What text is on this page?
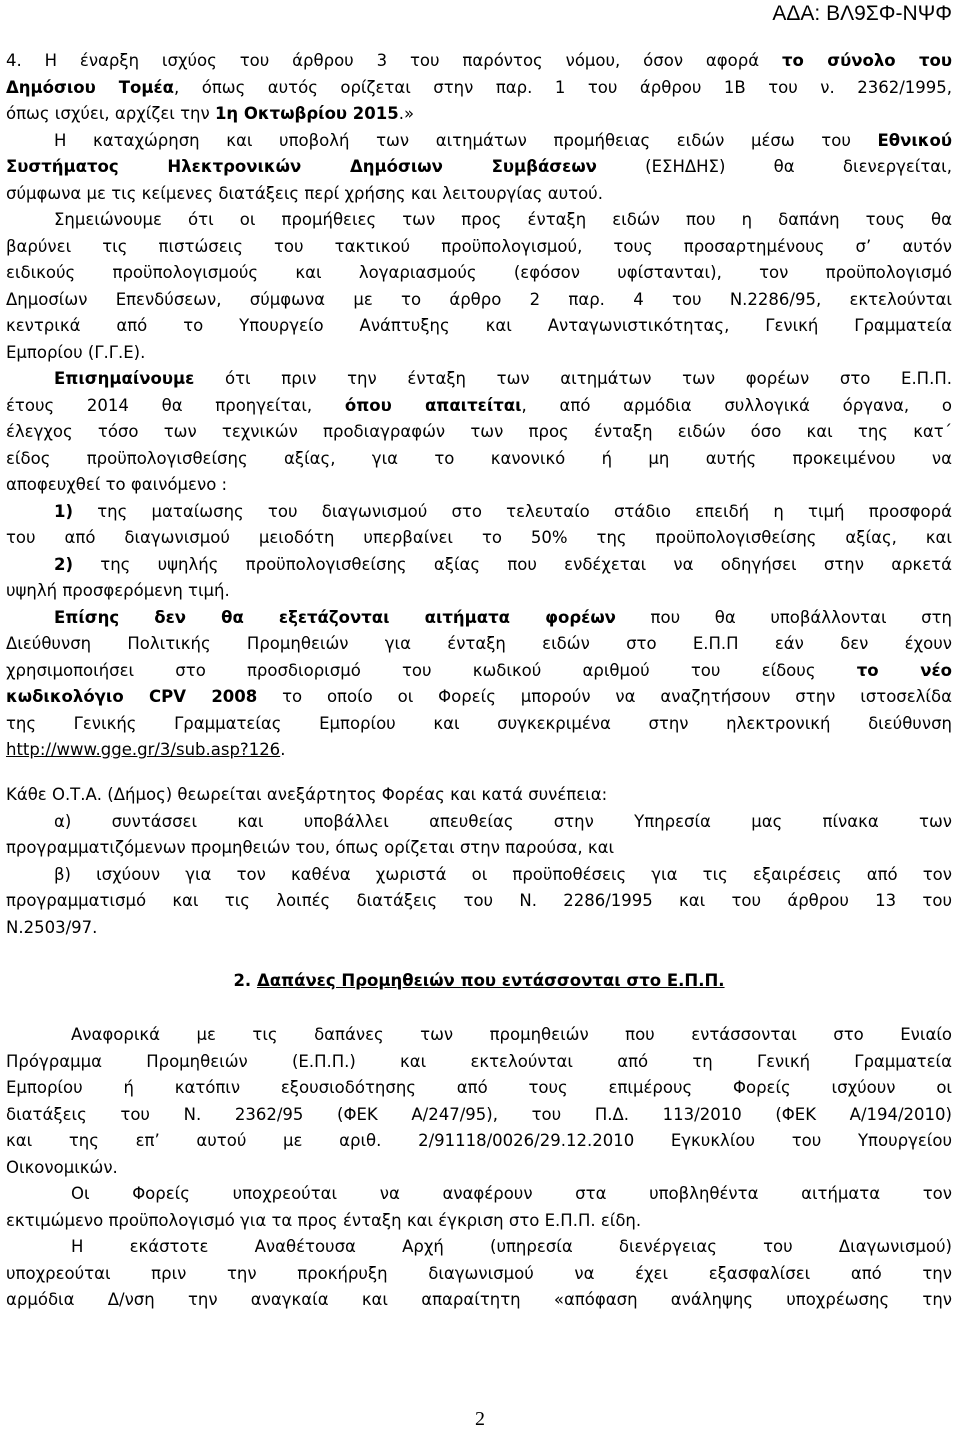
ΑΔΑ: ΒΛ9ΣΦ-ΝΨΦ
4. Η έναρξη ισχύος του άρθρου 3 του παρόντος νόμου, όσον αφορά το σύνολο του
Δημόσιου Τομέα, όπως αυτός ορίζεται στην παρ. 1 του άρθρου 1Β του ν. 2362/1995,
όπως ισχύει, αρχίζει την 1η Οκτωβρίου 2015.»
Η καταχώρηση και υποβολή των αιτημάτων προμήθειας ειδών μέσω του Εθνικού
Συστήματος Ηλεκτρονικών Δημόσιων Συμβάσεων (ΕΣΗΔΗΣ) θα διενεργείται,
σύμφωνα με τις κείμενες διατάξεις περί χρήσης και λειτουργίας αυτού.
Σημειώνουμε ότι οι προμήθειες των προς ένταξη ειδών που η δαπάνη τους θα
βαρύνει τις πιστώσεις του τακτικού προϋπολογισμού, τους προσαρτημένους σ’ αυτόν
ειδικούς προϋπολογισμούς και λογαριασμούς (εφόσον υφίστανται), τον προϋπολογισμό
Δημοσίων Επενδύσεων, σύμφωνα με το άρθρο 2 παρ. 4 του Ν.2286/95, εκτελούνται
κεντρικά από το Υπουργείο Ανάπτυξης και Ανταγωνιστικότητας, Γενική Γραμματεία
Εμπορίου (Γ.Γ.Ε).
Επισημαίνουμε ότι πριν την ένταξη των αιτημάτων των φορέων στο Ε.Π.Π.
έτους 2014 θα προηγείται, όπου απαιτείται, από αρμόδια συλλογικά όργανα, ο
έλεγχος τόσο των τεχνικών προδιαγραφών των προς ένταξη ειδών όσο και της κατ΄
είδος προϋπολογισθείσης αξίας, για το κανονικό ή μη αυτής προκειμένου να
αποφευχθεί το φαινόμενο :
1) της ματαίωσης του διαγωνισμού στο τελευταίο στάδιο επειδή η τιμή προσφορά
του από διαγωνισμού μειοδότη υπερβαίνει το 50% της προϋπολογισθείσης αξίας, και
2) της υψηλής προϋπολογισθείσης αξίας που ενδέχεται να οδηγήσει στην αρκετά
υψηλή προσφερόμενη τιμή.
Επίσης δεν θα εξετάζονται αιτήματα φορέων που θα υποβάλλονται στη
Διεύθυνση Πολιτικής Προμηθειών για ένταξη ειδών στο Ε.Π.Π εάν δεν έχουν
χρησιμοποιήσει στο προσδιορισμό του κωδικού αριθμού του είδους το νέο
κωδικολόγιο CPV 2008 το οποίο οι Φορείς μπορούν να αναζητήσουν στην ιστοσελίδα
της Γενικής Γραμματείας Εμπορίου και συγκεκριμένα στην ηλεκτρονική διεύθυνση
http://www.gge.gr/3/sub.asp?126.
Κάθε Ο.Τ.Α. (Δήμος) θεωρείται ανεξάρτητος Φορέας και κατά συνέπεια:
α) συντάσσει και υποβάλλει απευθείας στην Υπηρεσία μας πίνακα των
προγραμματιζόμενων προμηθειών του, όπως ορίζεται στην παρούσα, και
β) ισχύουν για τον καθένα χωριστά οι προϋποθέσεις για τις εξαιρέσεις από τον
προγραμματισμό και τις λοιπές διατάξεις του Ν. 2286/1995 και του άρθρου 13 του
Ν.2503/97.
2. Δαπάνες Προμηθειών που εντάσσονται στο Ε.Π.Π.
Αναφορικά με τις δαπάνες των προμηθειών που εντάσσονται στο Ενιαίο
Πρόγραμμα Προμηθειών (Ε.Π.Π.) και εκτελούνται από τη Γενική Γραμματεία
Εμπορίου ή κατόπιν εξουσιοδότησης από τους επιμέρους Φορείς ισχύουν οι
διατάξεις του Ν. 2362/95 (ΦΕΚ Α/247/95), του Π.Δ. 113/2010 (ΦΕΚ Α/194/2010)
και της επ’ αυτού με αριθ. 2/91118/0026/29.12.2010 Εγκυκλίου του Υπουργείου
Οικονομικών.
Οι Φορείς υποχρεούται να αναφέρουν στα υποβληθέντα αιτήματα τον
εκτιμώμενο προϋπολογισμό για τα προς ένταξη και έγκριση στο Ε.Π.Π. είδη.
Η εκάστοτε Αναθέτουσα Αρχή (υπηρεσία διενέργειας του Διαγωνισμού)
υποχρεούται πριν την προκήρυξη διαγωνισμού να έχει εξασφαλίσει από την
αρμόδια Δ/νση την αναγκαία και απαραίτητη «απόφαση ανάληψης υποχρέωσης την
2
